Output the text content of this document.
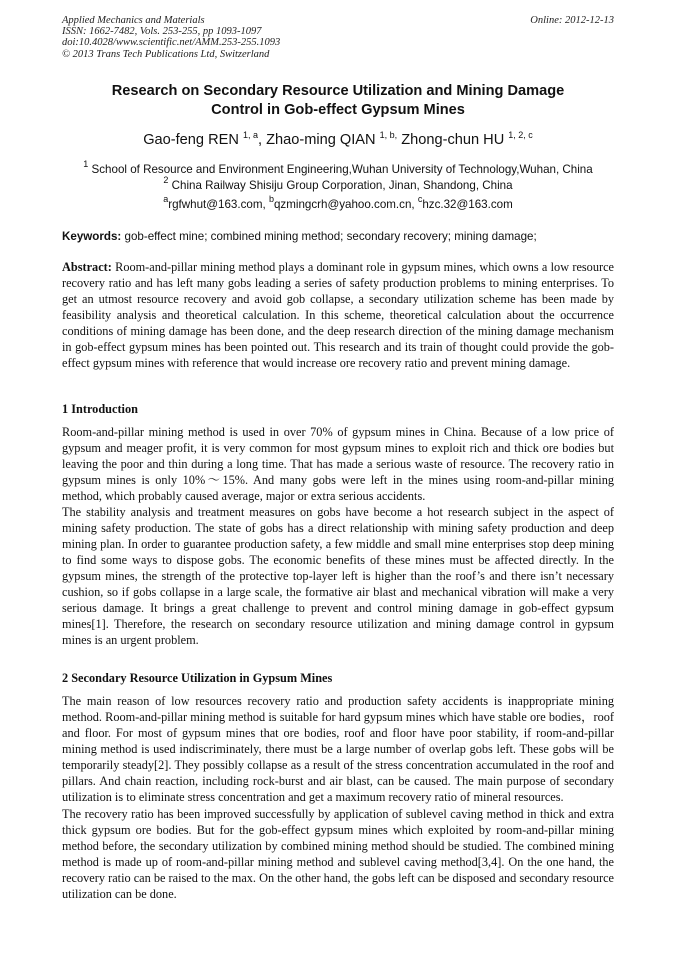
Applied Mechanics and Materials
ISSN: 1662-7482, Vols. 253-255, pp 1093-1097
doi:10.4028/www.scientific.net/AMM.253-255.1093
© 2013 Trans Tech Publications Ltd, Switzerland
Online: 2012-12-13
Research on Secondary Resource Utilization and Mining Damage
Control in Gob-effect Gypsum Mines
Gao-feng REN $^{1, a}$, Zhao-ming QIAN $^{1, b,}$ Zhong-chun HU $^{1, 2, c}$
$^1$ School of Resource and Environment Engineering,Wuhan University of Technology,Wuhan, China
$^2$ China Railway Shisiju Group Corporation, Jinan, Shandong, China
$^a$rgfwhut@163.com, $^b$qzmingcrh@yahoo.com.cn, $^c$hzc.32@163.com
Keywords: gob-effect mine; combined mining method; secondary recovery; mining damage;
Abstract: Room-and-pillar mining method plays a dominant role in gypsum mines, which owns a low resource recovery ratio and has left many gobs leading a series of safety production problems to mining enterprises. To get an utmost resource recovery and avoid gob collapse, a secondary utilization scheme has been made by feasibility analysis and theoretical calculation. In this scheme, theoretical calculation about the occurrence conditions of mining damage has been done, and the deep research direction of the mining damage mechanism in gob-effect gypsum mines has been pointed out. This research and its train of thought could provide the gob-effect gypsum mines with reference that would increase ore recovery ratio and prevent mining damage.
1 Introduction
Room-and-pillar mining method is used in over 70% of gypsum mines in China. Because of a low price of gypsum and meager profit, it is very common for most gypsum mines to exploit rich and thick ore bodies but leaving the poor and thin during a long time. That has made a serious waste of resource. The recovery ratio in gypsum mines is only 10%～15%. And many gobs were left in the mines using room-and-pillar mining method, which probably caused average, major or extra serious accidents.
The stability analysis and treatment measures on gobs have become a hot research subject in the aspect of mining safety production. The state of gobs has a direct relationship with mining safety production and deep mining plan. In order to guarantee production safety, a few middle and small mine enterprises stop deep mining to find some ways to dispose gobs. The economic benefits of these mines must be affected directly. In the gypsum mines, the strength of the protective top-layer left is higher than the roof’s and there isn’t necessary cushion, so if gobs collapse in a large scale, the formative air blast and mechanical vibration will make a very serious damage. It brings a great challenge to prevent and control mining damage in gob-effect gypsum mines[1]. Therefore, the research on secondary resource utilization and mining damage control in gypsum mines is an urgent problem.
2 Secondary Resource Utilization in Gypsum Mines
The main reason of low resources recovery ratio and production safety accidents is inappropriate mining method. Room-and-pillar mining method is suitable for hard gypsum mines which have stable ore bodies，roof and floor. For most of gypsum mines that ore bodies, roof and floor have poor stability, if room-and-pillar mining method is used indiscriminately, there must be a large number of overlap gobs left. These gobs will be temporarily steady[2]. They possibly collapse as a result of the stress concentration accumulated in the roof and pillars. And chain reaction, including rock-burst and air blast, can be caused. The main purpose of secondary utilization is to eliminate stress concentration and get a maximum recovery ratio of mineral resources.
The recovery ratio has been improved successfully by application of sublevel caving method in thick and extra thick gypsum ore bodies. But for the gob-effect gypsum mines which exploited by room-and-pillar mining method before, the secondary utilization by combined mining method should be studied. The combined mining method is made up of room-and-pillar mining method and sublevel caving method[3,4]. On the one hand, the recovery ratio can be raised to the max. On the other hand, the gobs left can be disposed and secondary resource utilization can be done.
